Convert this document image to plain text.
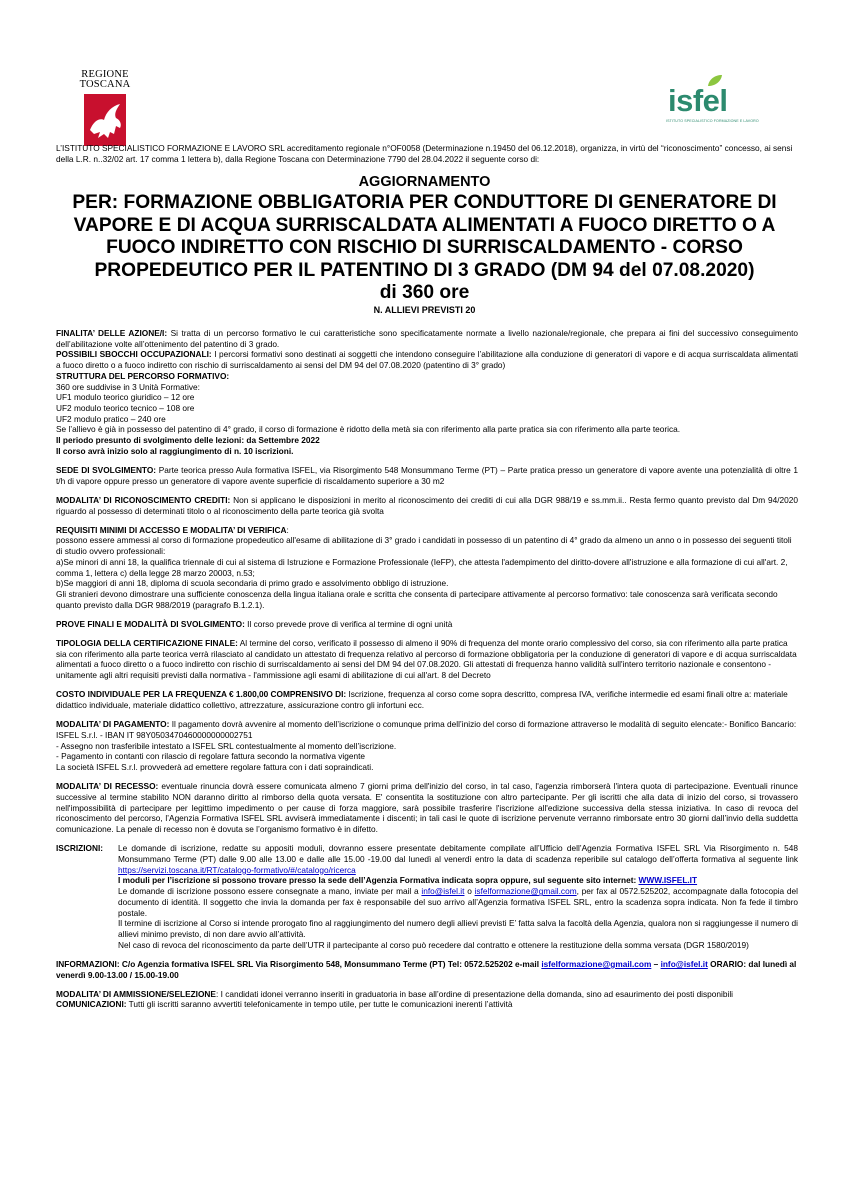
REGIONE
TOSCANA	isfel
ISTITUTO SPECIALISTICO FORMAZIONE E LAVORO
L’ISTITUTO SPECIALISTICO FORMAZIONE E LAVORO SRL accreditamento regionale n°OF0058 (Determinazione n.19450 del 06.12.2018), organizza, in virtù del “riconoscimento” concesso, ai sensi della L.R. n..32/02 art. 17 comma 1 lettera b), dalla Regione Toscana con Determinazione 7790 del 28.04.2022 il seguente corso di:
AGGIORNAMENTO
PER: FORMAZIONE OBBLIGATORIA PER CONDUTTORE DI GENERATORE DI VAPORE E DI ACQUA SURRISCALDATA ALIMENTATI A FUOCO DIRETTO O A FUOCO INDIRETTO CON RISCHIO DI SURRISCALDAMENTO - CORSO PROPEDEUTICO PER IL PATENTINO DI 3 GRADO (DM 94 del 07.08.2020)
di 360 ore
N. ALLIEVI PREVISTI 20

FINALITA’ DELLE AZIONE/I: Si tratta di un percorso formativo le cui caratteristiche sono specificatamente normate a livello nazionale/regionale, che prepara ai fini del successivo conseguimento dell’abilitazione volte all’ottenimento del patentino di 3 grado.

POSSIBILI SBOCCHI OCCUPAZIONALI: I percorsi formativi sono destinati ai soggetti che intendono conseguire l’abilitazione alla conduzione di generatori di vapore e di acqua surriscaldata alimentati a fuoco diretto o a fuoco indiretto con rischio di surriscaldamento ai sensi del DM 94 del 07.08.2020 (patentino di 3° grado)

STRUTTURA DEL PERCORSO FORMATIVO:

360 ore suddivise in 3 Unità Formative:

UF1 modulo teorico giuridico – 12 ore

UF2 modulo teorico tecnico – 108 ore

UF2 modulo pratico – 240 ore

Se l’allievo è già in possesso del patentino di 4° grado, il corso di formazione è ridotto della metà sia con riferimento alla parte pratica sia con riferimento alla parte teorica.

Il periodo presunto di svolgimento delle lezioni: da Settembre 2022

Il corso avrà inizio solo al raggiungimento di n. 10 iscrizioni.

SEDE DI SVOLGIMENTO: Parte teorica presso Aula formativa ISFEL, via Risorgimento 548 Monsummano Terme (PT) – Parte pratica presso un generatore di vapore avente una potenzialità di oltre 1 t/h di vapore oppure presso un generatore di vapore avente superficie di riscaldamento superiore a 30 m2

MODALITA’ DI RICONOSCIMENTO CREDITI: Non si applicano le disposizioni in merito al riconoscimento dei crediti di cui alla DGR 988/19 e ss.mm.ii.. Resta fermo quanto previsto dal Dm 94/2020 riguardo al possesso di determinati titolo o al riconoscimento della parte teorica già svolta

REQUISITI MINIMI DI ACCESSO E MODALITA’ DI VERIFICA:

possono essere ammessi al corso di formazione propedeutico all'esame di abilitazione di 3° grado i candidati in possesso di un patentino di 4° grado da almeno un anno o in possesso dei seguenti titoli di studio ovvero professionali:

a)Se minori di anni 18, la qualifica triennale di cui al sistema di Istruzione e Formazione Professionale (IeFP), che attesta l'adempimento del diritto-dovere all'istruzione e alla formazione di cui all'art. 2, comma 1, lettera c) della legge 28 marzo 20003, n.53;

b)Se maggiori di anni 18, diploma di scuola secondaria di primo grado e assolvimento obbligo di istruzione.

Gli stranieri devono dimostrare una sufficiente conoscenza della lingua italiana orale e scritta che consenta di partecipare attivamente al percorso formativo: tale conoscenza sarà verificata secondo quanto previsto dalla DGR 988/2019 (paragrafo B.1.2.1).

PROVE FINALI E MODALITÀ DI SVOLGIMENTO: Il corso prevede prove di verifica al termine di ogni unità

TIPOLOGIA DELLA CERTIFICAZIONE FINALE: Al termine del corso, verificato il possesso di almeno il 90% di frequenza del monte orario complessivo del corso, sia con riferimento alla parte pratica sia con riferimento alla parte teorica verrà rilasciato al candidato un attestato di frequenza relativo al percorso di formazione obbligatoria per la conduzione di generatori di vapore e di acqua surriscaldata alimentati a fuoco diretto o a fuoco indiretto con rischio di surriscaldamento ai sensi del DM 94 del 07.08.2020. Gli attestati di frequenza hanno validità sull'intero territorio nazionale e consentono - unitamente agli altri requisiti previsti dalla normativa - l'ammissione agli esami di abilitazione di cui all'art. 8 del Decreto

COSTO INDIVIDUALE PER LA FREQUENZA € 1.800,00 COMPRENSIVO DI: Iscrizione, frequenza al corso come sopra descritto, compresa IVA, verifiche intermedie ed esami finali oltre a: materiale didattico individuale, materiale didattico collettivo, attrezzature, assicurazione contro gli infortuni ecc.

MODALITA’ DI PAGAMENTO: Il pagamento dovrà avvenire al momento dell’iscrizione o comunque prima dell’inizio del corso di formazione attraverso le modalità di seguito elencate:- Bonifico Bancario: ISFEL S.r.l. - IBAN IT 98Y0503470460000000002751

- Assegno non trasferibile intestato a ISFEL SRL contestualmente al momento dell’iscrizione.

- Pagamento in contanti con rilascio di regolare fattura secondo la normativa vigente

La società ISFEL S.r.l. provvederà ad emettere regolare fattura con i dati sopraindicati.

MODALITA’ DI RECESSO: eventuale rinuncia dovrà essere comunicata almeno 7 giorni prima dell'inizio del corso, in tal caso, l'agenzia rimborserà l'intera quota di partecipazione. Eventuali rinunce successive al termine stabilito NON daranno diritto al rimborso della quota versata. E' consentita la sostituzione con altro partecipante. Per gli iscritti che alla data di inizio del corso, si trovassero nell'impossibilità di partecipare per legittimo impedimento o per cause di forza maggiore, sarà possibile trasferire l'iscrizione all'edizione successiva della stessa iniziativa. In caso di revoca del riconoscimento del percorso, l’Agenzia Formativa ISFEL SRL avviserà immediatamente i discenti; in tali casi le quote di iscrizione pervenute verranno rimborsate entro 30 giorni dall’invio della suddetta comunicazione. La penale di recesso non è dovuta se l’organismo formativo è in difetto.

ISCRIZIONI: Le domande di iscrizione, redatte su appositi moduli, dovranno essere presentate debitamente compilate all’Ufficio dell’Agenzia Formativa ISFEL SRL Via Risorgimento n. 548 Monsummano Terme (PT) dalle 9.00 alle 13.00 e dalle alle 15.00 -19.00 dal lunedì al venerdì entro la data di scadenza reperibile sul catalogo dell’offerta formativa al seguente link https://servizi.toscana.it/RT/catalogo-formativo/#/catalogo/ricerca

I moduli per l’iscrizione si possono trovare presso la sede dell’Agenzia Formativa indicata sopra oppure, sul seguente sito internet: WWW.ISFEL.IT

Le domande di iscrizione possono essere consegnate a mano, inviate per mail a info@isfel.it o isfelformazione@gmail.com, per fax al 0572.525202, accompagnate dalla fotocopia del documento di identità. Il soggetto che invia la domanda per fax è responsabile del suo arrivo all’Agenzia formativa ISFEL SRL, entro la scadenza sopra indicata. Non fa fede il timbro postale.

Il termine di iscrizione al Corso si intende prorogato fino al raggiungimento del numero degli allievi previsti E’ fatta salva la facoltà della Agenzia, qualora non si raggiungesse il numero di allievi minimo previsto, di non dare avvio all’attività.

Nel caso di revoca del riconoscimento da parte dell’UTR il partecipante al corso può recedere dal contratto e ottenere la restituzione della somma versata (DGR 1580/2019)

INFORMAZIONI: C/o Agenzia formativa ISFEL SRL Via Risorgimento 548, Monsummano Terme (PT) Tel: 0572.525202 e-mail isfelformazione@gmail.com – info@isfel.it ORARIO: dal lunedì al venerdì 9.00-13.00 / 15.00-19.00

MODALITA’ DI AMMISSIONE/SELEZIONE: I candidati idonei verranno inseriti in graduatoria in base all’ordine di presentazione della domanda, sino ad esaurimento dei posti disponibili

COMUNICAZIONI: Tutti gli iscritti saranno avvertiti telefonicamente in tempo utile, per tutte le comunicazioni inerenti l’attività
